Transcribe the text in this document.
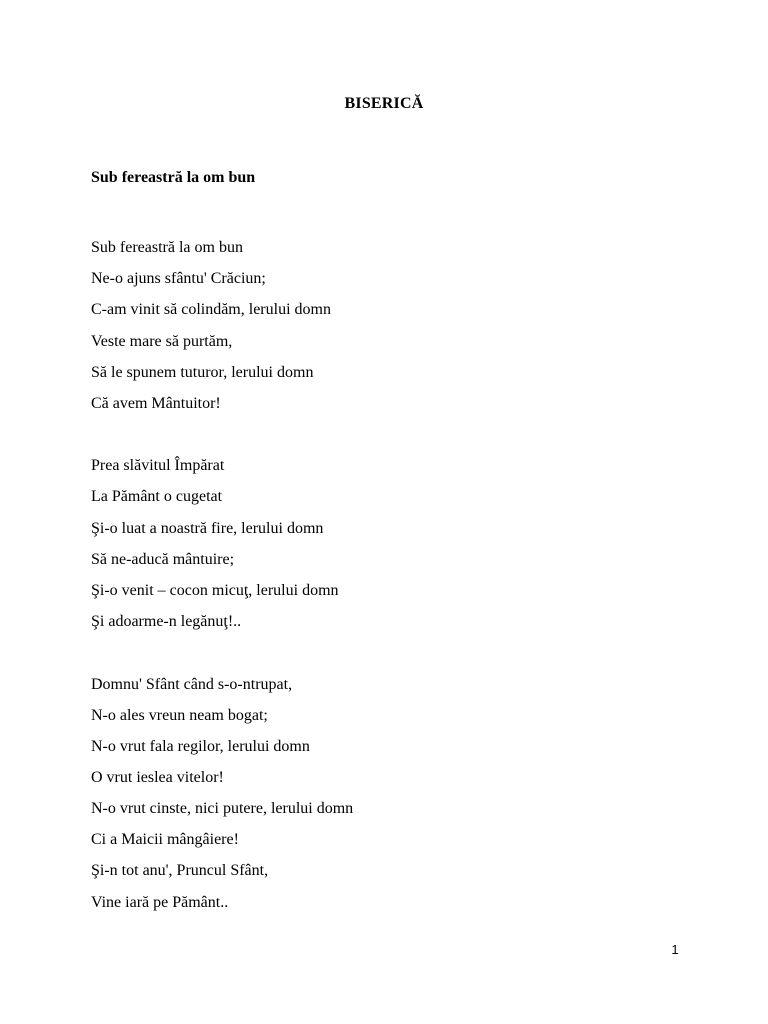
BISERICĂ
Sub fereastră la om bun
Sub fereastră la om bun
Ne-o ajuns sfântu' Crăciun;
C-am vinit să colindăm, lerului domn
Veste mare să purtăm,
Să le spunem tuturor, lerului domn
Că avem Mântuitor!
Prea slăvitul Împărat
La Pământ o cugetat
Şi-o luat a noastră fire, lerului domn
Să ne-aducă mântuire;
Şi-o venit – cocon micuţ, lerului domn
Şi adoarme-n legănuţ!..
Domnu' Sfânt când s-o-ntrupat,
N-o ales vreun neam bogat;
N-o vrut fala regilor, lerului domn
O vrut ieslea vitelor!
N-o vrut cinste, nici putere, lerului domn
Ci a Maicii mângâiere!
Şi-n tot anu', Pruncul Sfânt,
Vine iară pe Pământ..
1
